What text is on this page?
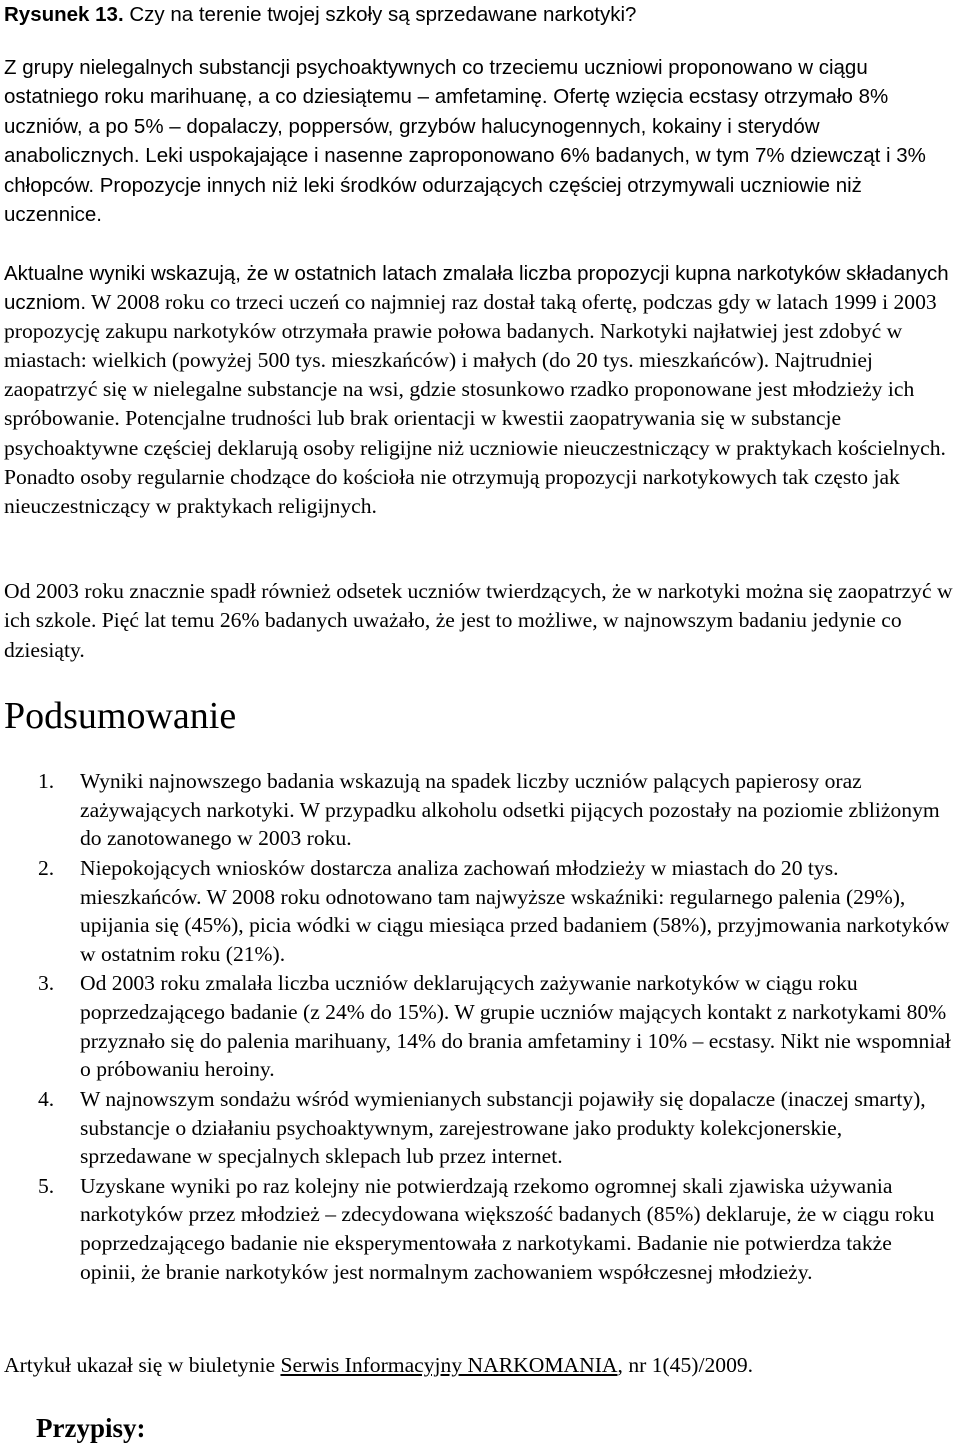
Rysunek 13. Czy na terenie twojej szkoły są sprzedawane narkotyki?

Z grupy nielegalnych substancji psychoaktywnych co trzeciemu uczniowi proponowano w ciągu ostatniego roku marihuanę, a co dziesiątemu – amfetaminę. Ofertę wzięcia ecstasy otrzymało 8% uczniów, a po 5% – dopalaczy, poppersów, grzybów halucynogennych, kokainy i sterydów anabolicznych. Leki uspokajające i nasenne zaproponowano 6% badanych, w tym 7% dziewcząt i 3% chłopców. Propozycje innych niż leki środków odurzających częściej otrzymywali uczniowie niż uczennice.

Aktualne wyniki wskazują, że w ostatnich latach zmalała liczba propozycji kupna narkotyków składanych uczniom. W 2008 roku co trzeci uczeń co najmniej raz dostał taką ofertę, podczas gdy w latach 1999 i 2003 propozycję zakupu narkotyków otrzymała prawie połowa badanych. Narkotyki najłatwiej jest zdobyć w miastach: wielkich (powyżej 500 tys. mieszkańców) i małych (do 20 tys. mieszkańców). Najtrudniej zaopatrzyć się w nielegalne substancje na wsi, gdzie stosunkowo rzadko proponowane jest młodzieży ich spróbowanie. Potencjalne trudności lub brak orientacji w kwestii zaopatrywania się w substancje psychoaktywne częściej deklarują osoby religijne niż uczniowie nieuczestniczący w praktykach kościelnych. Ponadto osoby regularnie chodzące do kościoła nie otrzymują propozycji narkotykowych tak często jak nieuczestniczący w praktykach religijnych.

Od 2003 roku znacznie spadł również odsetek uczniów twierdzących, że w narkotyki można się zaopatrzyć w ich szkole. Pięć lat temu 26% badanych uważało, że jest to możliwe, w najnowszym badaniu jedynie co dziesiąty.

Podsumowanie
1. Wyniki najnowszego badania wskazują na spadek liczby uczniów palących papierosy oraz zażywających narkotyki. W przypadku alkoholu odsetki pijących pozostały na poziomie zbliżonym do zanotowanego w 2003 roku.
2. Niepokojących wniosków dostarcza analiza zachowań młodzieży w miastach do 20 tys. mieszkańców. W 2008 roku odnotowano tam najwyższe wskaźniki: regularnego palenia (29%), upijania się (45%), picia wódki w ciągu miesiąca przed badaniem (58%), przyjmowania narkotyków w ostatnim roku (21%).
3. Od 2003 roku zmalała liczba uczniów deklarujących zażywanie narkotyków w ciągu roku poprzedzającego badanie (z 24% do 15%). W grupie uczniów mających kontakt z narkotykami 80% przyznało się do palenia marihuany, 14% do brania amfetaminy i 10% – ecstasy. Nikt nie wspomniał o próbowaniu heroiny.
4. W najnowszym sondażu wśród wymienianych substancji pojawiły się dopalacze (inaczej smarty), substancje o działaniu psychoaktywnym, zarejestrowane jako produkty kolekcjonerskie, sprzedawane w specjalnych sklepach lub przez internet.
5. Uzyskane wyniki po raz kolejny nie potwierdzają rzekomo ogromnej skali zjawiska używania narkotyków przez młodzież – zdecydowana większość badanych (85%) deklaruje, że w ciągu roku poprzedzającego badanie nie eksperymentowała z narkotykami. Badanie nie potwierdza także opinii, że branie narkotyków jest normalnym zachowaniem współczesnej młodzieży.

Artykuł ukazał się w biuletynie Serwis Informacyjny NARKOMANIA, nr 1(45)/2009.

Przypisy:
